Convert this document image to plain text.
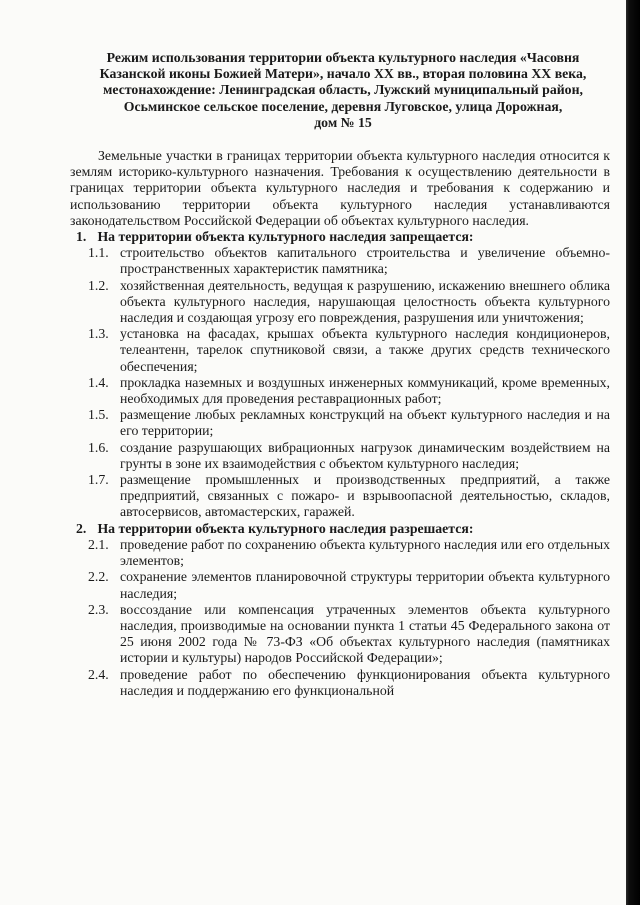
Режим использования территории объекта культурного наследия «Часовня
Казанской иконы Божией Матери», начало XX вв., вторая половина XX века,
местонахождение: Ленинградская область, Лужский муниципальный район,
Осьминское сельское поселение, деревня Луговское, улица Дорожная,
дом № 15

Земельные участки в границах территории объекта культурного наследия относится к землям историко-культурного назначения. Требования к осуществлению деятельности в границах территории объекта культурного наследия и требования к содержанию и использованию территории объекта культурного наследия устанавливаются законодательством Российской Федерации об объектах культурного наследия.

1. На территории объекта культурного наследия запрещается:
1.1. строительство объектов капитального строительства и увеличение объемно-пространственных характеристик памятника;
1.2. хозяйственная деятельность, ведущая к разрушению, искажению внешнего облика объекта культурного наследия, нарушающая целостность объекта культурного наследия и создающая угрозу его повреждения, разрушения или уничтожения;
1.3. установка на фасадах, крышах объекта культурного наследия кондиционеров, телеантенн, тарелок спутниковой связи, а также других средств технического обеспечения;
1.4. прокладка наземных и воздушных инженерных коммуникаций, кроме временных, необходимых для проведения реставрационных работ;
1.5. размещение любых рекламных конструкций на объект культурного наследия и на его территории;
1.6. создание разрушающих вибрационных нагрузок динамическим воздействием на грунты в зоне их взаимодействия с объектом культурного наследия;
1.7. размещение промышленных и производственных предприятий, а также предприятий, связанных с пожаро- и взрывоопасной деятельностью, складов, автосервисов, автомастерских, гаражей.
2. На территории объекта культурного наследия разрешается:
2.1. проведение работ по сохранению объекта культурного наследия или его отдельных элементов;
2.2. сохранение элементов планировочной структуры территории объекта культурного наследия;
2.3. воссоздание или компенсация утраченных элементов объекта культурного наследия, производимые на основании пункта 1 статьи 45 Федерального закона от 25 июня 2002 года № 73-ФЗ «Об объектах культурного наследия (памятниках истории и культуры) народов Российской Федерации»;
2.4. проведение работ по обеспечению функционирования объекта культурного наследия и поддержанию его функциональной
